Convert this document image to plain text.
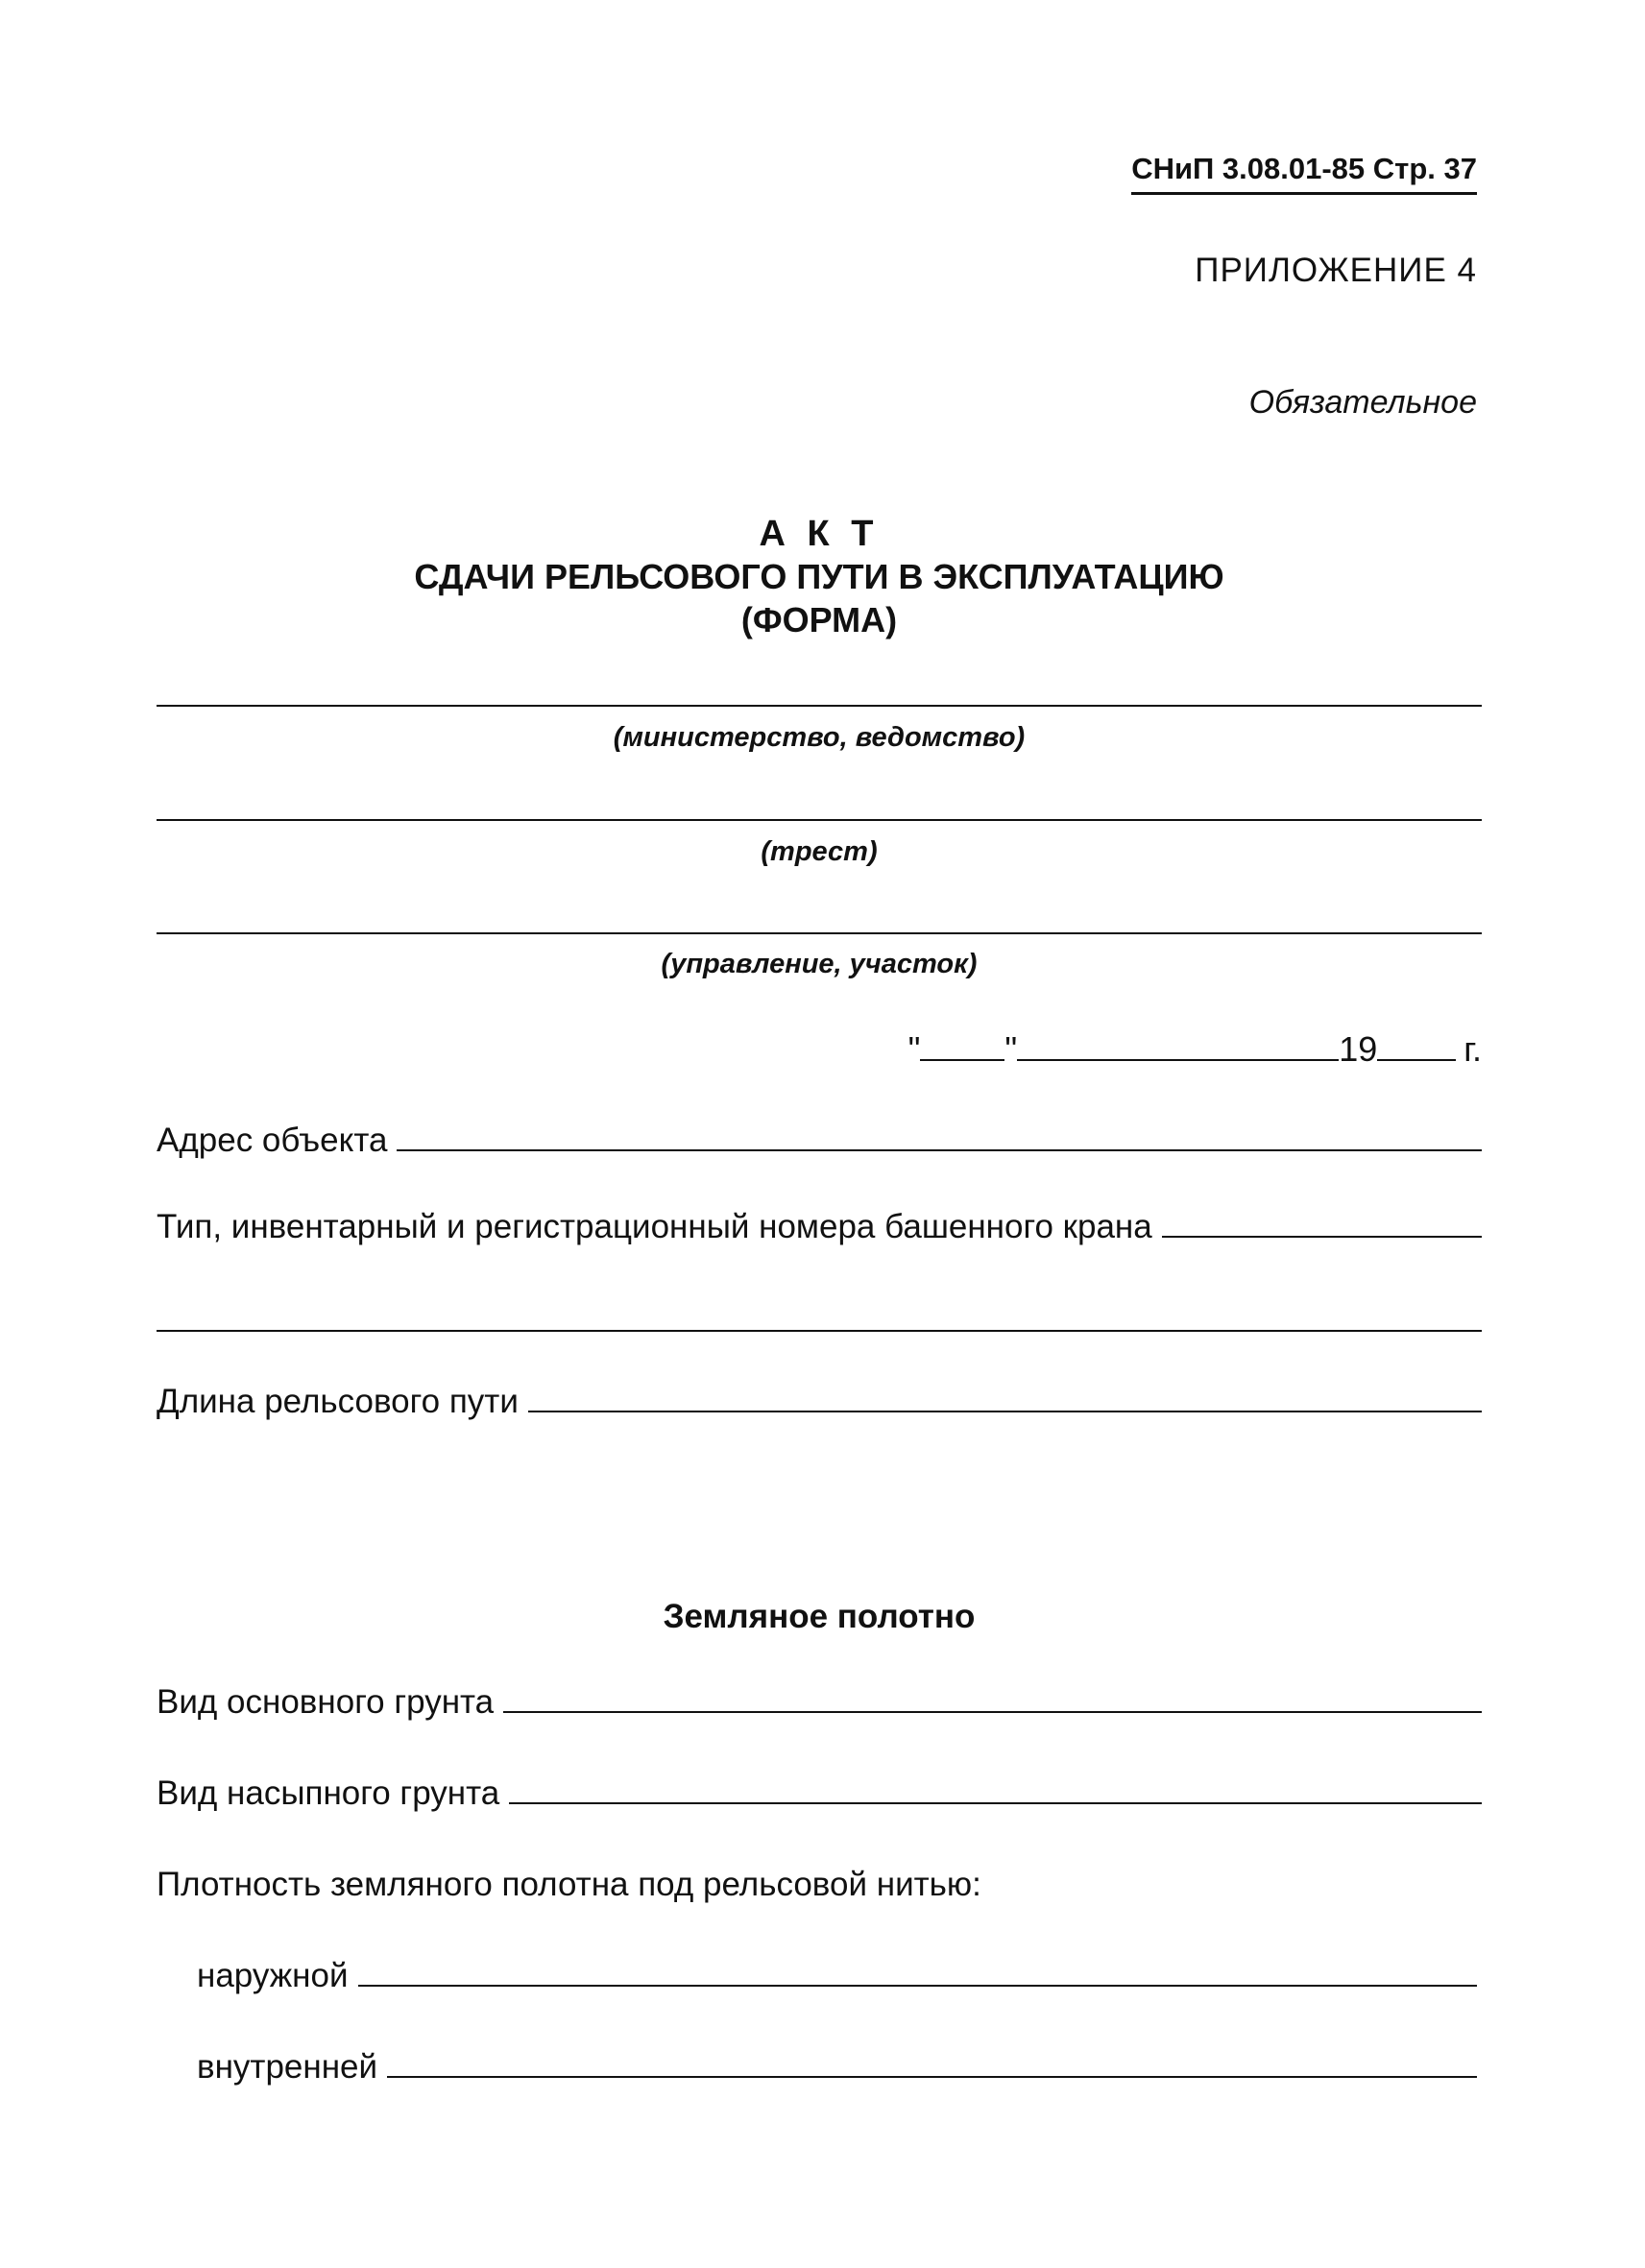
СНиП 3.08.01-85 Стр. 37
ПРИЛОЖЕНИЕ 4
Обязательное
А К Т
СДАЧИ РЕЛЬСОВОГО ПУТИ В ЭКСПЛУАТАЦИЮ
(ФОРМА)
(министерство, ведомство)
(трест)
(управление, участок)
" "	19	г.
Адрес объекта
Тип, инвентарный и регистрационный номера башенного крана
Длина рельсового пути
Земляное полотно
Вид основного грунта
Вид насыпного грунта
Плотность земляного полотна под рельсовой нитью:
наружной
внутренней
